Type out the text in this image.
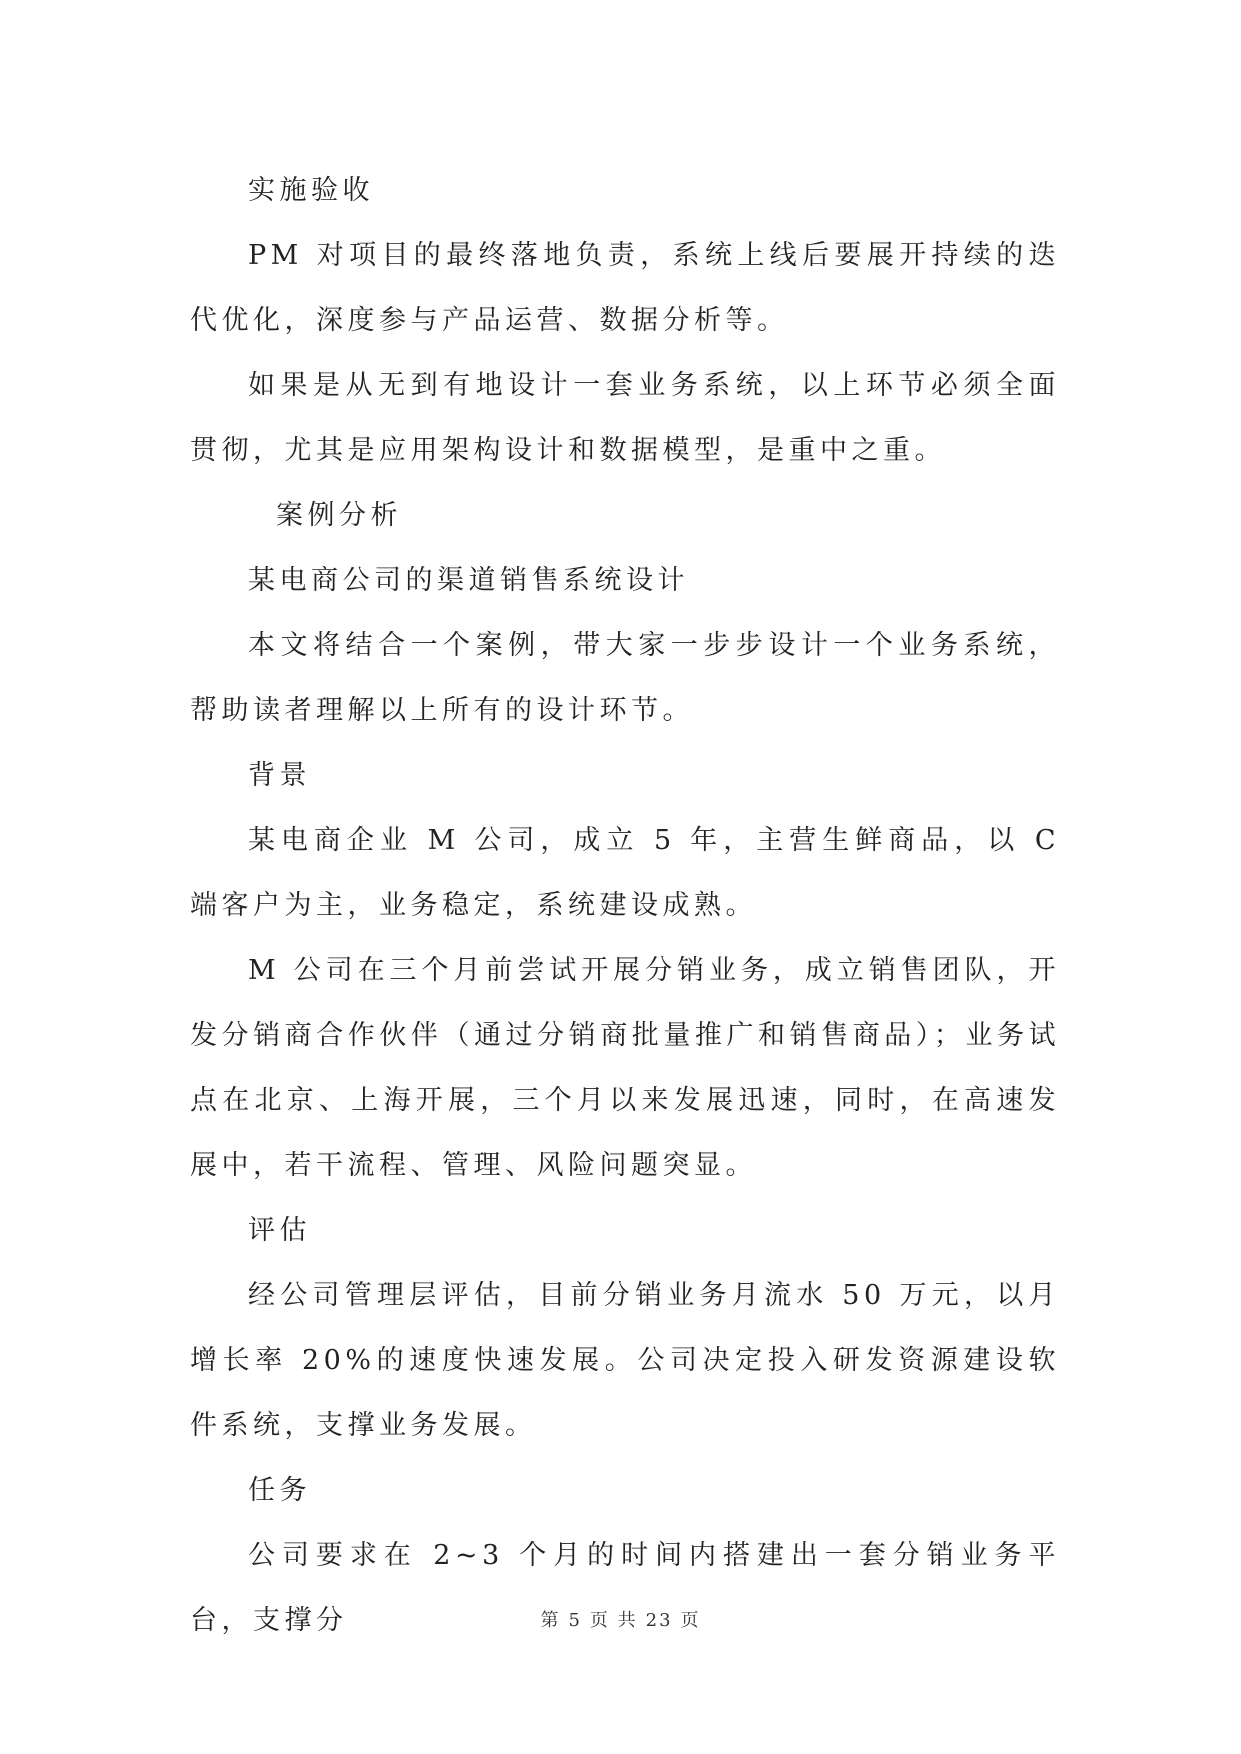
实施验收

PM 对项目的最终落地负责，系统上线后要展开持续的迭代优化，深度参与产品运营、数据分析等。

如果是从无到有地设计一套业务系统，以上环节必须全面贯彻，尤其是应用架构设计和数据模型，是重中之重。

案例分析

某电商公司的渠道销售系统设计

本文将结合一个案例，带大家一步步设计一个业务系统，帮助读者理解以上所有的设计环节。

背景

某电商企业 M 公司，成立 5 年，主营生鲜商品，以 C 端客户为主，业务稳定，系统建设成熟。

M 公司在三个月前尝试开展分销业务，成立销售团队，开发分销商合作伙伴（通过分销商批量推广和销售商品）；业务试点在北京、上海开展，三个月以来发展迅速，同时，在高速发展中，若干流程、管理、风险问题突显。

评估

经公司管理层评估，目前分销业务月流水 50 万元，以月增长率 20%的速度快速发展。公司决定投入研发资源建设软件系统，支撑业务发展。

任务

公司要求在 2~3 个月的时间内搭建出一套分销业务平台，支撑分	第 5 页 共 23 页
